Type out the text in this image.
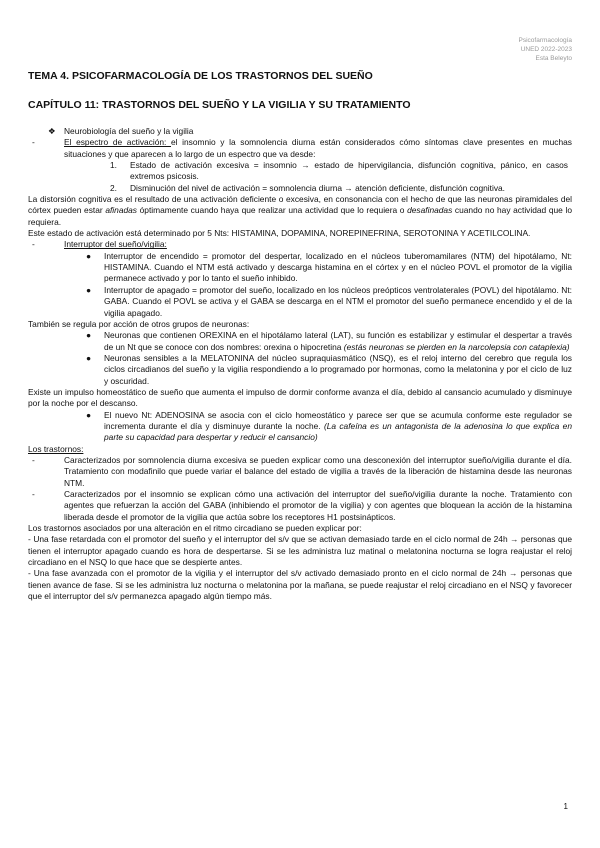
Psicofarmacología
UNED 2022-2023
Esta Beleyto
TEMA 4. PSICOFARMACOLOGÍA DE LOS TRASTORNOS DEL SUEÑO
CAPÍTULO 11: TRASTORNOS DEL SUEÑO Y LA VIGILIA Y SU TRATAMIENTO
❖ Neurobiología del sueño y la vigilia
-	El espectro de activación: el insomnio y la somnolencia diurna están considerados cómo síntomas clave presentes en muchas situaciones y que aparecen a lo largo de un espectro que va desde:
1. Estado de activación excesiva = insomnio → estado de hipervigilancia, disfunción cognitiva, pánico, en casos extremos psicosis.
2. Disminución del nivel de activación = somnolencia diurna → atención deficiente, disfunción cognitiva.
La distorsión cognitiva es el resultado de una activación deficiente o excesiva, en consonancia con el hecho de que las neuronas piramidales del córtex pueden estar afinadas óptimamente cuando haya que realizar una actividad que lo requiera o desafinadas cuando no hay actividad que lo requiera.
Este estado de activación está determinado por 5 Nts: HISTAMINA, DOPAMINA, NOREPINEFRINA, SEROTONINA Y ACETILCOLINA.
-	Interruptor del sueño/vigilia:
● Interruptor de encendido = promotor del despertar, localizado en el núcleos tuberomamilares (NTM) del hipotálamo, Nt: HISTAMINA. Cuando el NTM está activado y descarga histamina en el córtex y en el núcleo POVL el promotor de la vigilia permanece activado y por lo tanto el sueño inhibido.
● Interruptor de apagado = promotor del sueño, localizado en los núcleos preópticos ventrolaterales (POVL) del hipotálamo. Nt: GABA. Cuando el POVL se activa y el GABA se descarga en el NTM el promotor del sueño permanece encendido y el de la vigilia apagado.
También se regula por acción de otros grupos de neuronas:
● Neuronas que contienen OREXINA en el hipotálamo lateral (LAT), su función es estabilizar y estimular el despertar a través de un Nt que se conoce con dos nombres: orexina o hipocretina (estás neuronas se pierden en la narcolepsia con cataplexia)
● Neuronas sensibles a la MELATONINA del núcleo supraquiasmático (NSQ), es el reloj interno del cerebro que regula los ciclos circadianos del sueño y la vigilia respondiendo a lo programado por hormonas, como la melatonina y por el ciclo de luz y oscuridad.
Existe un impulso homeostático de sueño que aumenta el impulso de dormir conforme avanza el día, debido al cansancio acumulado y disminuye por la noche por el descanso.
● El nuevo Nt: ADENOSINA se asocia con el ciclo homeostático y parece ser que se acumula conforme este regulador se incrementa durante el día y disminuye durante la noche. (La cafeína es un antagonista de la adenosina lo que explica en parte su capacidad para despertar y reducir el cansancio)
Los trastornos:
-	Caracterizados por somnolencia diurna excesiva se pueden explicar como una desconexión del interruptor sueño/vigilia durante el día. Tratamiento con modafinilo que puede variar el balance del estado de vigilia a través de la liberación de histamina desde las neuronas NTM.
-	Caracterizados por el insomnio se explican cómo una activación del interruptor del sueño/vigilia durante la noche. Tratamiento con agentes que refuerzan la acción del GABA (inhibiendo el promotor de la vigilia) y con agentes que bloquean la acción de la histamina liberada desde el promotor de la vigilia que actúa sobre los receptores H1 postsinápticos.
Los trastornos asociados por una alteración en el ritmo circadiano se pueden explicar por:
- Una fase retardada con el promotor del sueño y el interruptor del s/v que se activan demasiado tarde en el ciclo normal de 24h → personas que tienen el interruptor apagado cuando es hora de despertarse. Si se les administra luz matinal o melatonina nocturna se logra reajustar el reloj circadiano en el NSQ lo que hace que se despierte antes.
- Una fase avanzada con el promotor de la vigilia y el interruptor del s/v activado demasiado pronto en el ciclo normal de 24h → personas que tienen avance de fase. Si se les administra luz nocturna o melatonina por la mañana, se puede reajustar el reloj circadiano en el NSQ y favorecer que el interruptor del s/v permanezca apagado algún tiempo más.
1
